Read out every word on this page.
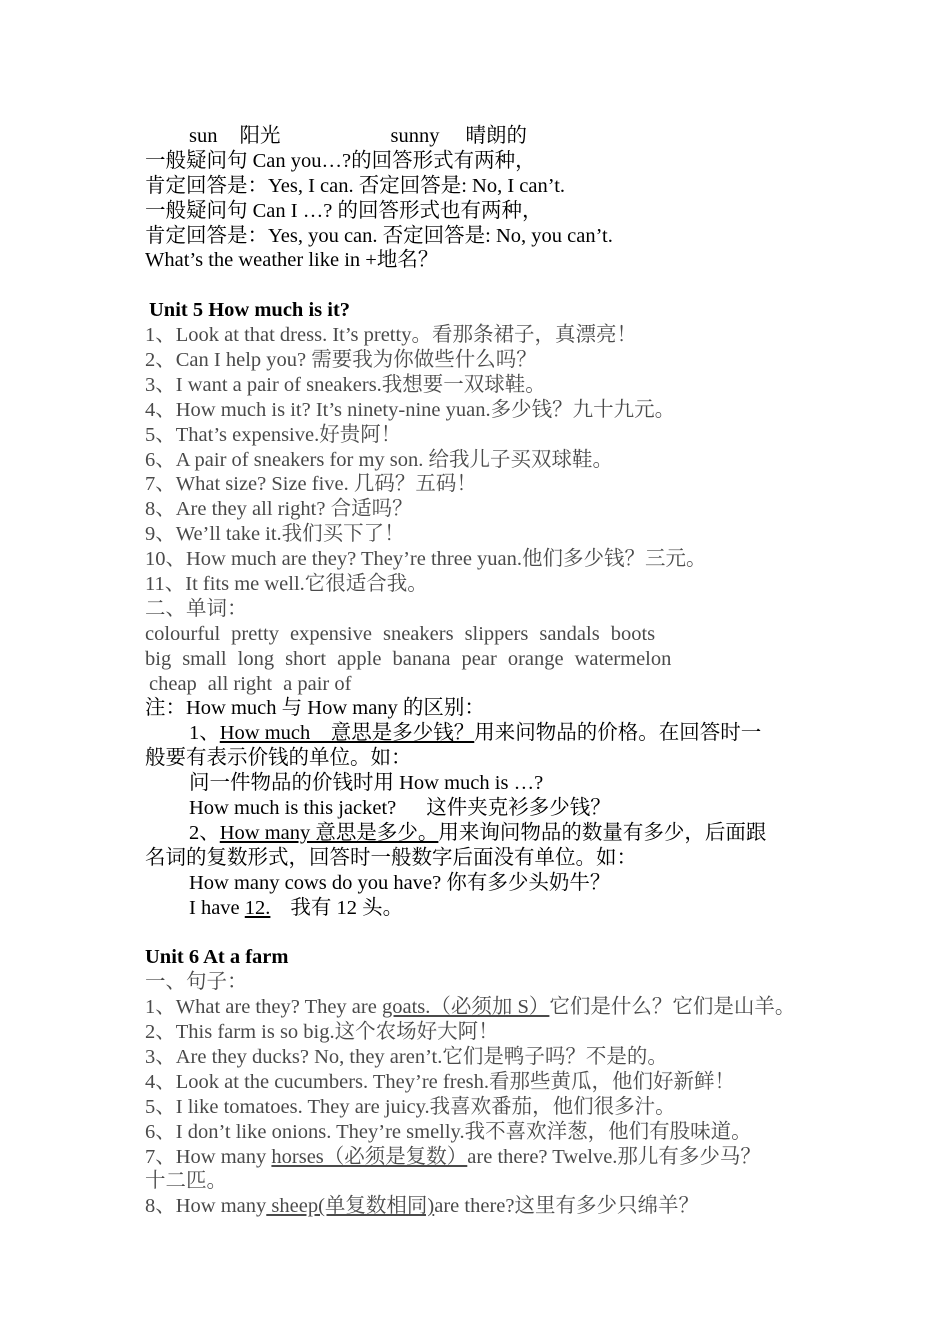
sun 阳光	sunny 晴朗的
一般疑问句 Can you…?的回答形式有两种，
肯定回答是：Yes, I can. 否定回答是: No, I can’t.
一般疑问句 Can I …? 的回答形式也有两种，
肯定回答是：Yes, you can. 否定回答是: No, you can’t.
What’s the weather like in +地名？
Unit 5 How much is it?
1、Look at that dress. It’s pretty。看那条裙子，真漂亮！
2、Can I help you? 需要我为你做些什么吗？
3、I want a pair of sneakers.我想要一双球鞋。
4、How much is it? It’s ninety-nine yuan.多少钱？九十九元。
5、That’s expensive.好贵阿！
6、A pair of sneakers for my son. 给我儿子买双球鞋。
7、What size? Size five. 几码？五码！
8、Are they all right? 合适吗？
9、We’ll take it.我们买下了！
10、How much are they? They’re three yuan.他们多少钱？三元。
11、It fits me well.它很适合我。
二、单词：
colourful pretty expensive sneakers slippers sandals boots
big small long short apple banana pear orange watermelon
cheap all right a pair of
注：How much 与 How many 的区别：
1、How much　意思是多少钱？用来问物品的价格。在回答时一
般要有表示价钱的单位。如：
问一件物品的价钱时用 How much is …?
How much is this jacket? 这件夹克衫多少钱？
2、How many 意思是多少。用来询问物品的数量有多少，后面跟
名词的复数形式，回答时一般数字后面没有单位。如：
How many cows do you have? 你有多少头奶牛？
I have 12. 我有 12 头。
Unit 6 At a farm
一、句子：
1、What are they? They are goats.（必须加 S）它们是什么？它们是山羊。
2、This farm is so big.这个农场好大阿！
3、Are they ducks? No, they aren’t.它们是鸭子吗？不是的。
4、Look at the cucumbers. They’re fresh.看那些黄瓜，他们好新鲜！
5、I like tomatoes. They are juicy.我喜欢番茄，他们很多汁。
6、I don’t like onions. They’re smelly.我不喜欢洋葱，他们有股味道。
7、How many horses（必须是复数）are there? Twelve.那儿有多少马？
十二匹。
8、How many sheep(单复数相同)are there?这里有多少只绵羊？
